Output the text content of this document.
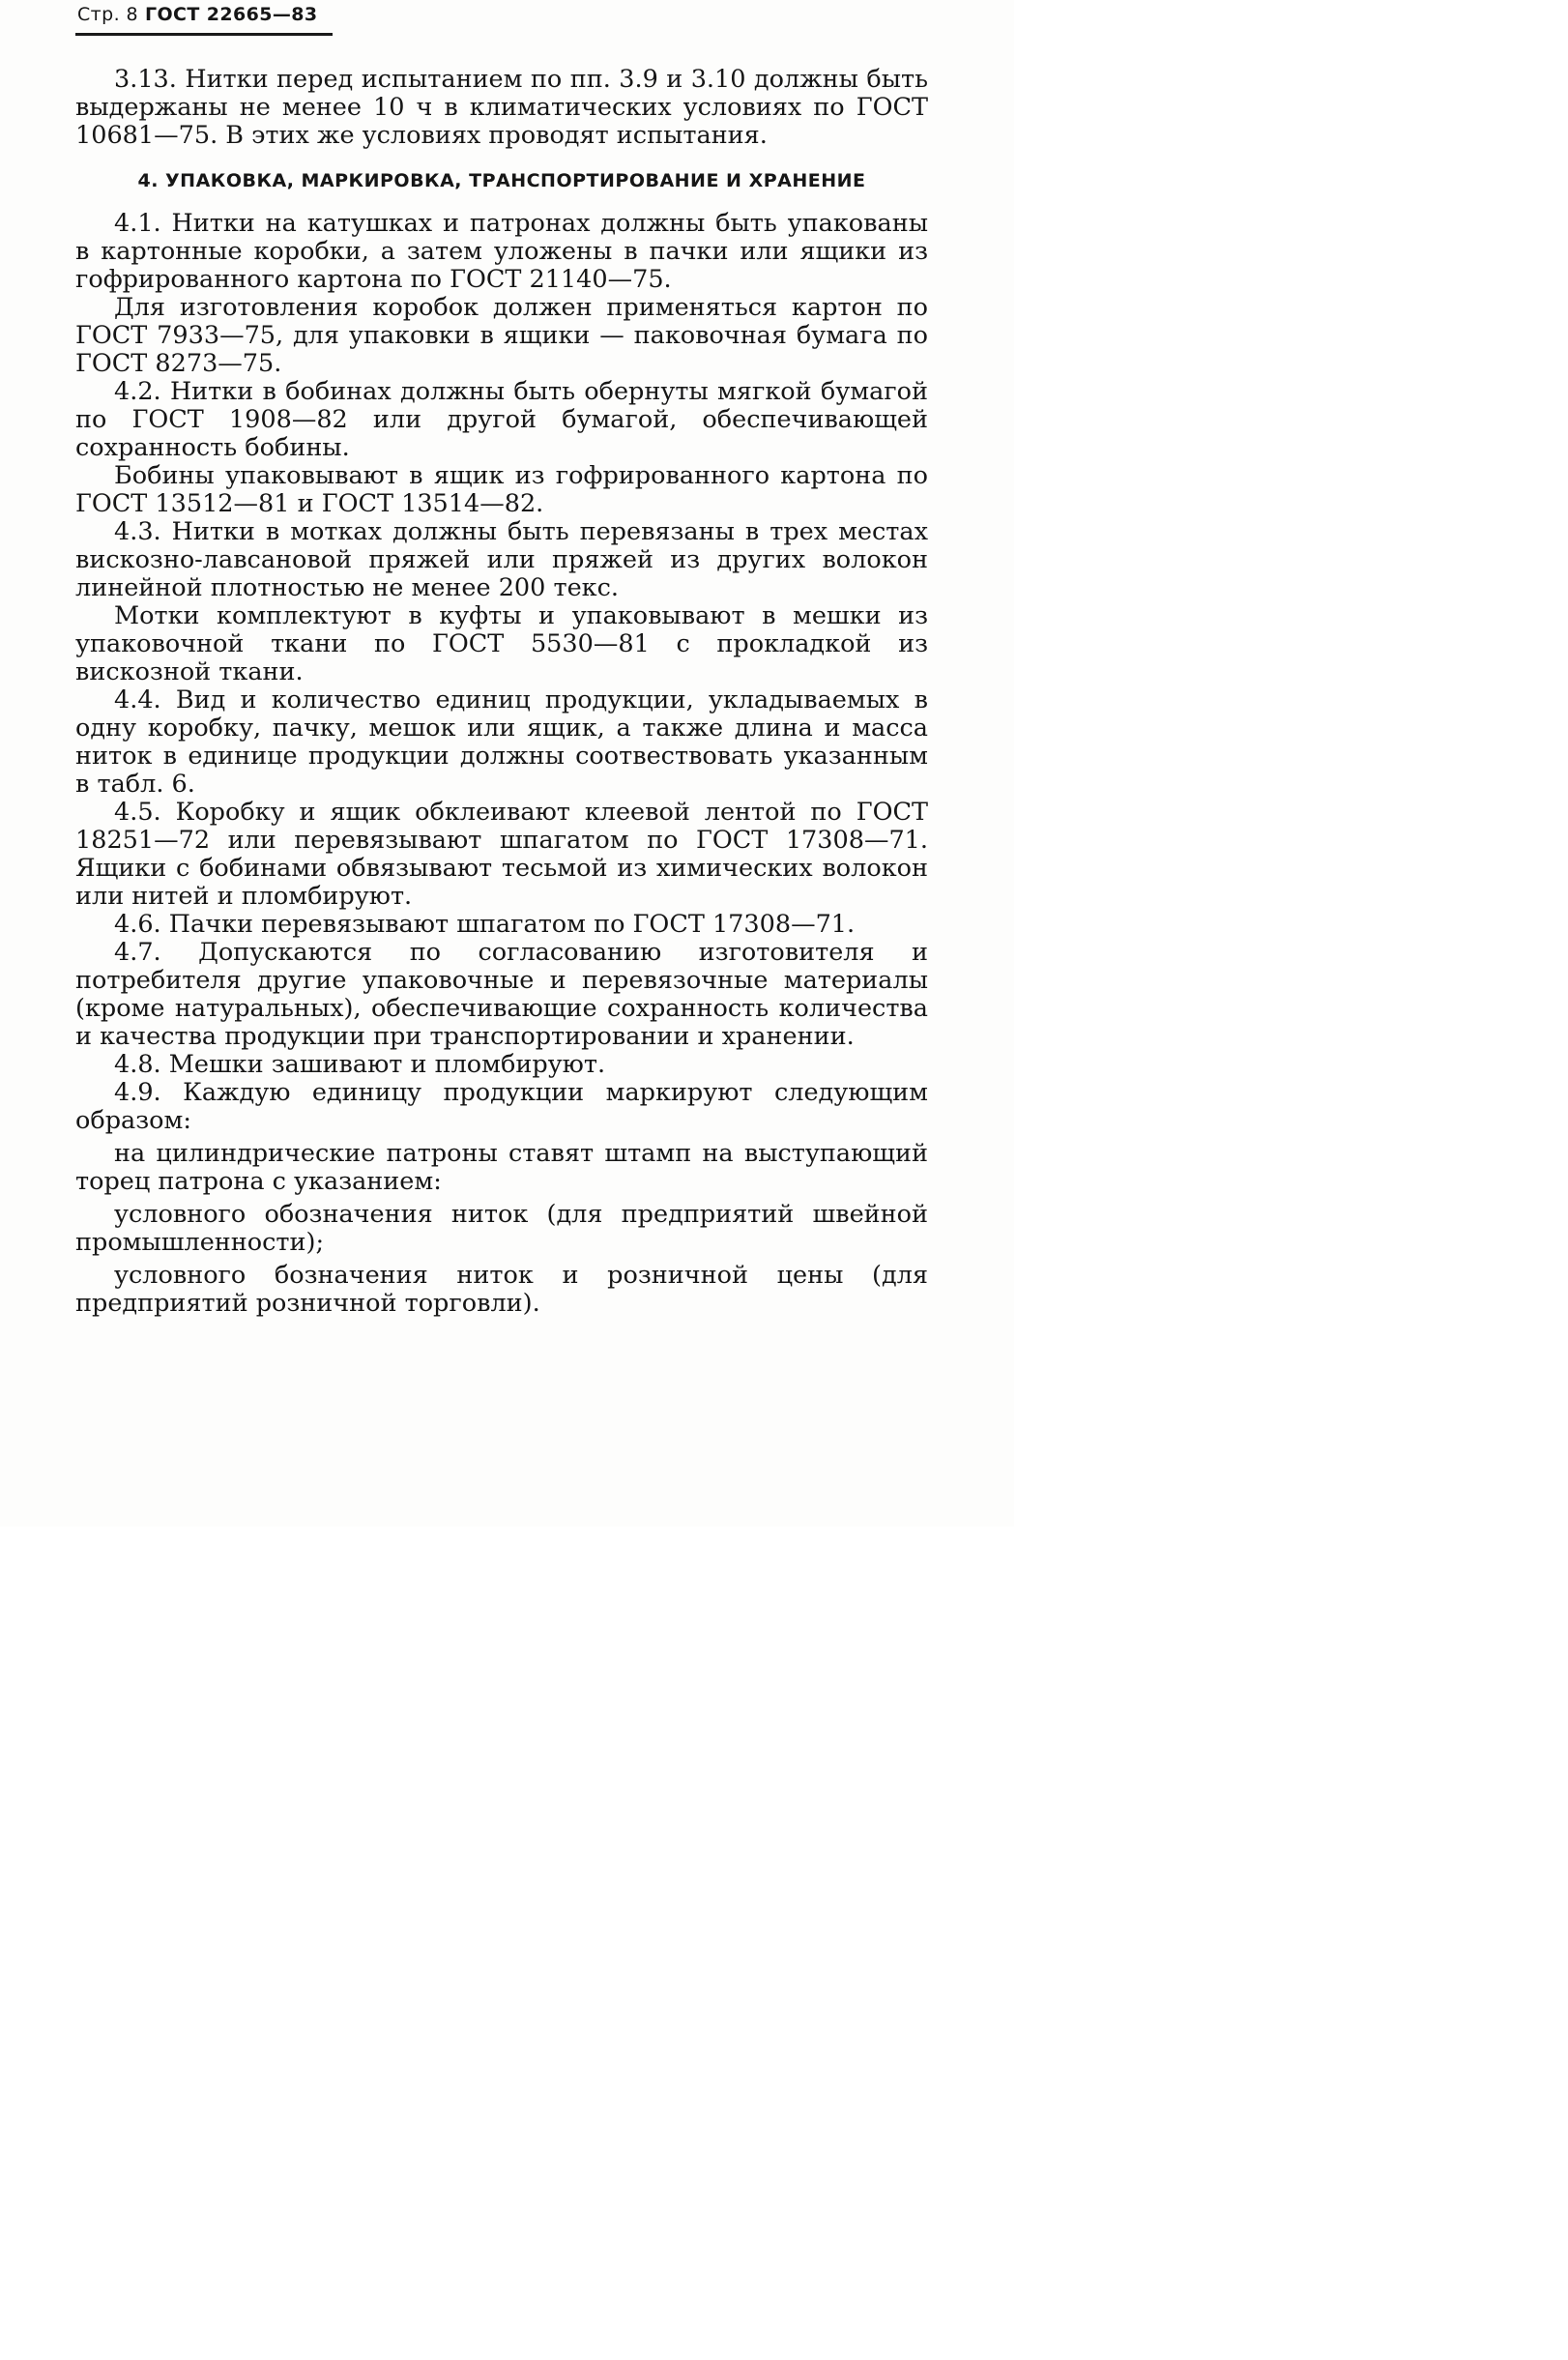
Стр. 8 ГОСТ 22665—83

3.13. Нитки перед испытанием по пп. 3.9 и 3.10 должны быть выдержаны не менее 10 ч в климатических условиях по ГОСТ 10681—75. В этих же условиях проводят испытания.

4. УПАКОВКА, МАРКИРОВКА, ТРАНСПОРТИРОВАНИЕ И ХРАНЕНИЕ

4.1. Нитки на катушках и патронах должны быть упакованы в картонные коробки, а затем уложены в пачки или ящики из гофрированного картона по ГОСТ 21140—75.

Для изготовления коробок должен применяться картон по ГОСТ 7933—75, для упаковки в ящики — паковочная бумага по ГОСТ 8273—75.

4.2. Нитки в бобинах должны быть обернуты мягкой бумагой по ГОСТ 1908—82 или другой бумагой, обеспечивающей сохранность бобины.

Бобины упаковывают в ящик из гофрированного картона по ГОСТ 13512—81 и ГОСТ 13514—82.

4.3. Нитки в мотках должны быть перевязаны в трех местах вискозно-лавсановой пряжей или пряжей из других волокон линейной плотностью не менее 200 текс.

Мотки комплектуют в куфты и упаковывают в мешки из упаковочной ткани по ГОСТ 5530—81 с прокладкой из вискозной ткани.

4.4. Вид и количество единиц продукции, укладываемых в одну коробку, пачку, мешок или ящик, а также длина и масса ниток в единице продукции должны соотвествовать указанным в табл. 6.

4.5. Коробку и ящик обклеивают клеевой лентой по ГОСТ 18251—72 или перевязывают шпагатом по ГОСТ 17308—71. Ящики с бобинами обвязывают тесьмой из химических волокон или нитей и пломбируют.

4.6. Пачки перевязывают шпагатом по ГОСТ 17308—71.

4.7. Допускаются по согласованию изготовителя и потребителя другие упаковочные и перевязочные материалы (кроме натуральных), обеспечивающие сохранность количества и качества продукции при транспортировании и хранении.

4.8. Мешки зашивают и пломбируют.

4.9. Каждую единицу продукции маркируют следующим образом:

на цилиндрические патроны ставят штамп на выступающий торец патрона с указанием:

условного обозначения ниток (для предприятий швейной промышленности);

условного бозначения ниток и розничной цены (для предприятий розничной торговли).
